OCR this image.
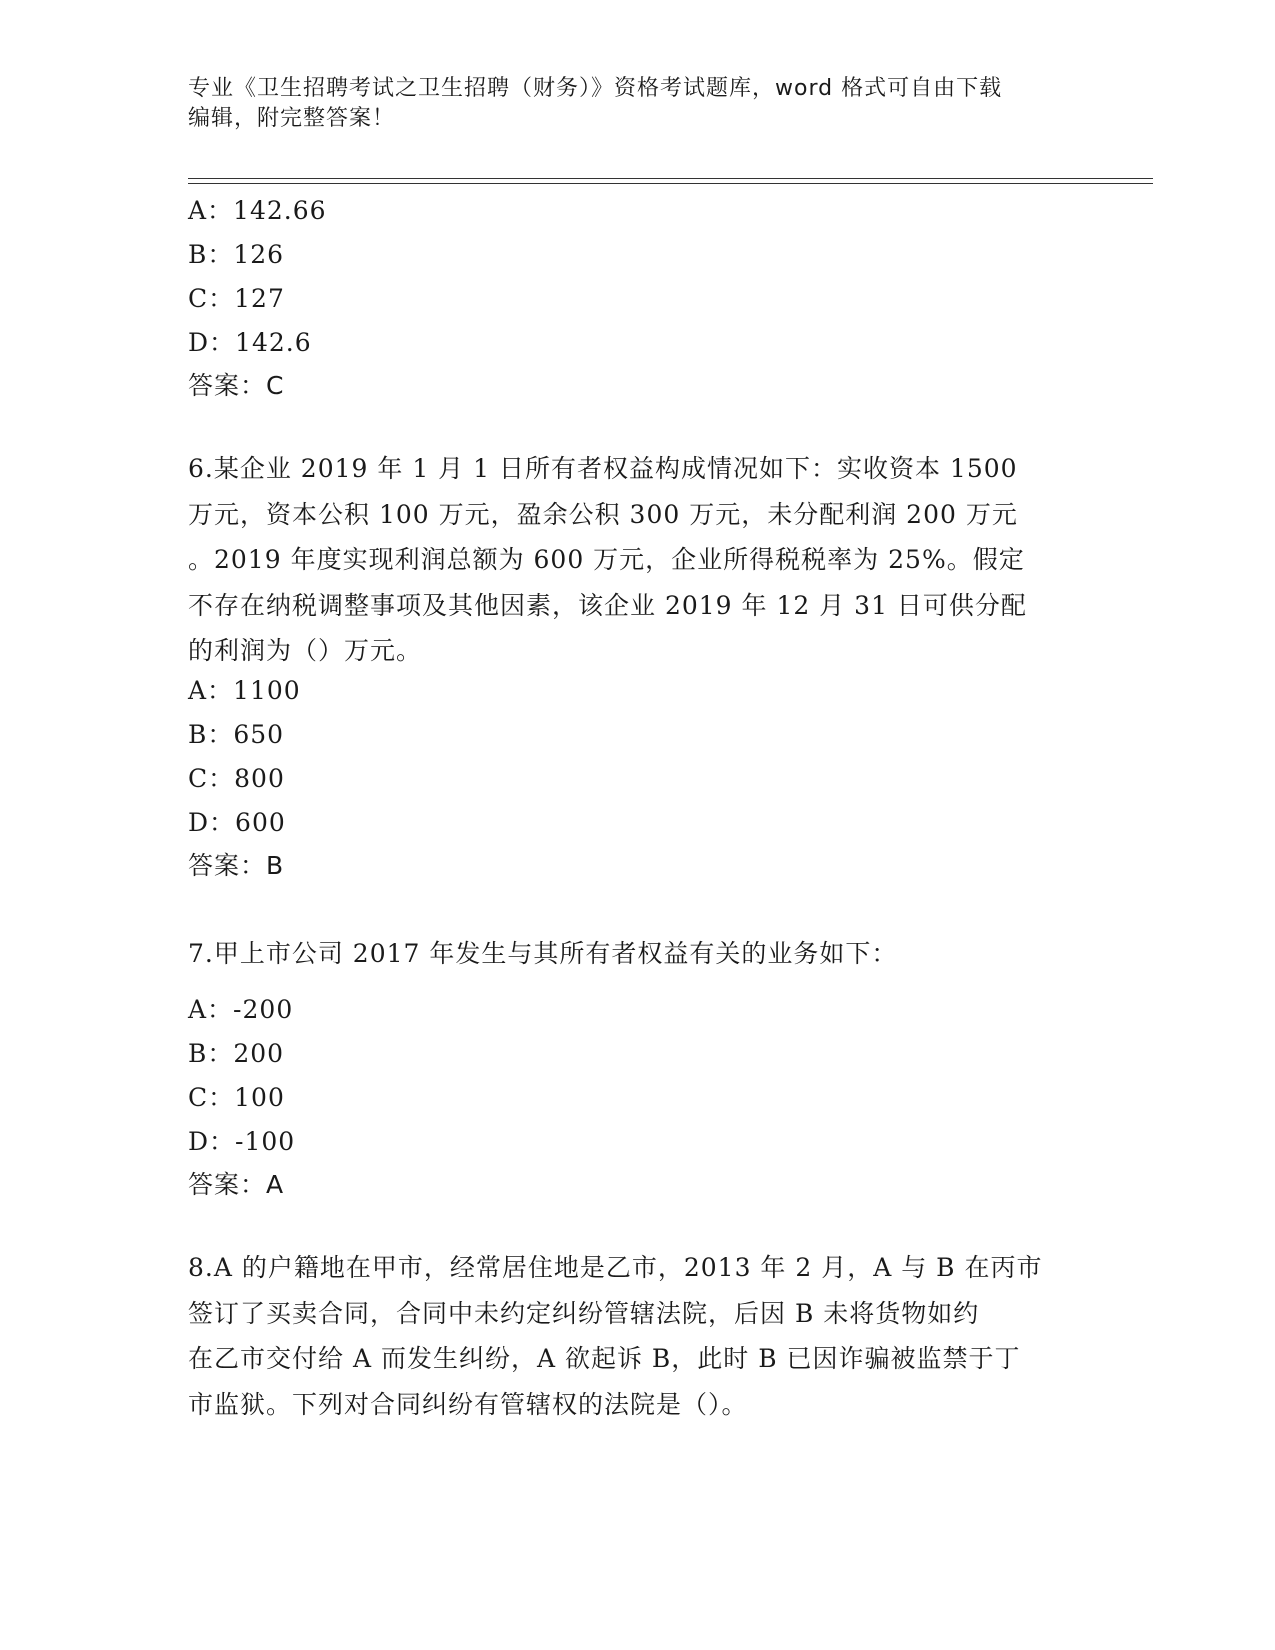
专业《卫生招聘考试之卫生招聘（财务）》资格考试题库，word 格式可自由下载
编辑，附完整答案！
A：142.66
B：126
C：127
D：142.6
答案：C
6.某企业 2019 年 1 月 1 日所有者权益构成情况如下：实收资本 1500
万元，资本公积 100 万元，盈余公积 300 万元，未分配利润 200 万元
。2019 年度实现利润总额为 600 万元，企业所得税税率为 25%。假定
不存在纳税调整事项及其他因素，该企业 2019 年 12 月 31 日可供分配
的利润为（）万元。
A：1100
B：650
C：800
D：600
答案：B
7.甲上市公司 2017 年发生与其所有者权益有关的业务如下：
A：-200
B：200
C：100
D：-100
答案：A
8.A 的户籍地在甲市，经常居住地是乙市，2013 年 2 月，A 与 B 在丙市
签订了买卖合同，合同中未约定纠纷管辖法院，后因 B 未将货物如约
在乙市交付给 A 而发生纠纷，A 欲起诉 B，此时 B 已因诈骗被监禁于丁
市监狱。下列对合同纠纷有管辖权的法院是（）。
